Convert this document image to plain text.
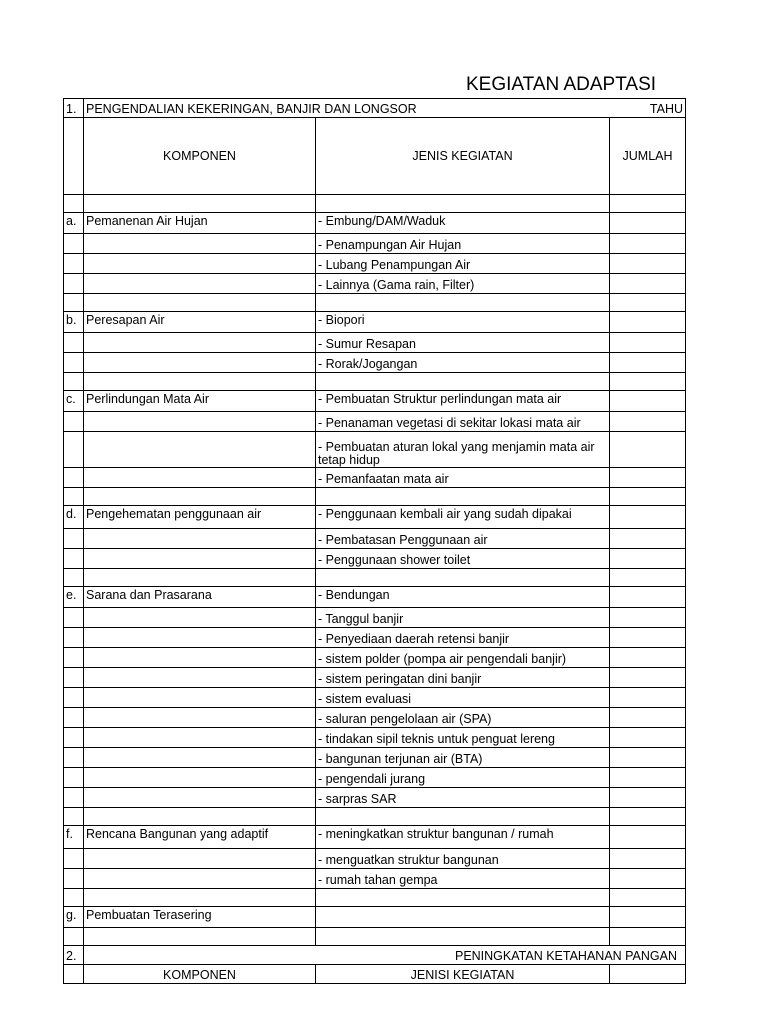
KEGIATAN ADAPTASI
1.	PENGENDALIAN KEKERINGAN, BANJIR DAN LONGSOR		TAHU
	KOMPONEN	JENIS KEGIATAN	JUMLAH

a.	Pemanenan Air Hujan	- Embung/DAM/Waduk	
		- Penampungan Air Hujan	
		- Lubang Penampungan Air	
		- Lainnya (Gama rain, Filter)	

b.	Peresapan Air	- Biopori	
		- Sumur Resapan	
		- Rorak/Jogangan	

c.	Perlindungan Mata Air	- Pembuatan Struktur perlindungan mata air	
		- Penanaman vegetasi di sekitar lokasi mata air	
		- Pembuatan aturan lokal yang menjamin mata air tetap hidup	
		- Pemanfaatan mata air	

d.	Pengehematan penggunaan air	- Penggunaan kembali air yang sudah dipakai	
		- Pembatasan Penggunaan air	
		- Penggunaan shower toilet	

e.	Sarana dan Prasarana	- Bendungan	
		- Tanggul banjir	
		- Penyediaan daerah retensi banjir	
		- sistem polder (pompa air pengendali banjir)	
		- sistem peringatan dini banjir	
		- sistem evaluasi	
		- saluran pengelolaan air (SPA)	
		- tindakan sipil teknis untuk penguat lereng	
		- bangunan terjunan air (BTA)	
		- pengendali jurang	
		- sarpras SAR	

f.	Rencana Bangunan yang adaptif	- meningkatkan struktur bangunan / rumah	
		- menguatkan struktur bangunan	
		- rumah tahan gempa	

g.	Pembuatan Terasering		

2.	PENINGKATAN KETAHANAN PANGAN		
	KOMPONEN	JENISI KEGIATAN	
